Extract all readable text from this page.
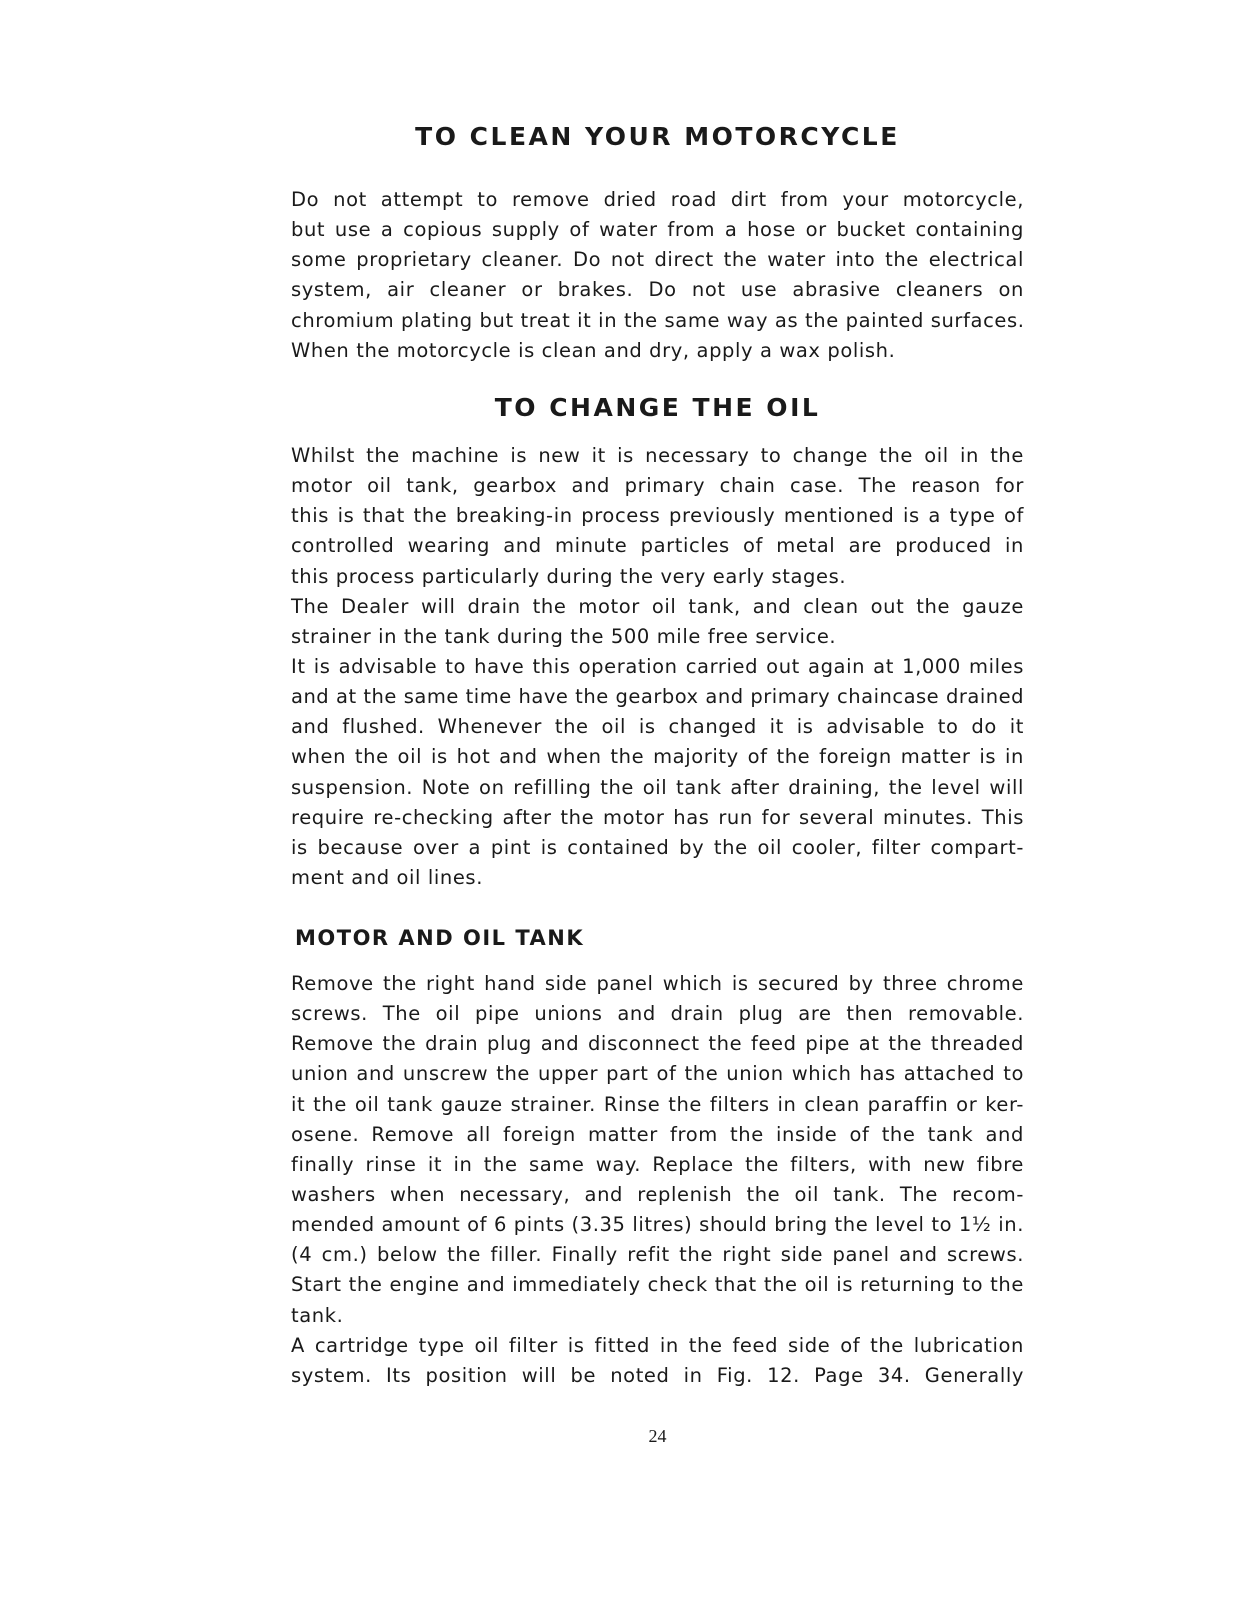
TO CLEAN YOUR MOTORCYCLE
Do not attempt to remove dried road dirt from your motorcycle,
but use a copious supply of water from a hose or bucket containing
some proprietary cleaner. Do not direct the water into the electrical
system, air cleaner or brakes. Do not use abrasive cleaners on
chromium plating but treat it in the same way as the painted surfaces.
When the motorcycle is clean and dry, apply a wax polish.
TO CHANGE THE OIL
Whilst the machine is new it is necessary to change the oil in the
motor oil tank, gearbox and primary chain case. The reason for
this is that the breaking-in process previously mentioned is a type of
controlled wearing and minute particles of metal are produced in
this process particularly during the very early stages.
The Dealer will drain the motor oil tank, and clean out the gauze
strainer in the tank during the 500 mile free service.
It is advisable to have this operation carried out again at 1,000 miles
and at the same time have the gearbox and primary chaincase drained
and flushed. Whenever the oil is changed it is advisable to do it
when the oil is hot and when the majority of the foreign matter is in
suspension. Note on refilling the oil tank after draining, the level will
require re-checking after the motor has run for several minutes. This
is because over a pint is contained by the oil cooler, filter compart-
ment and oil lines.
MOTOR AND OIL TANK
Remove the right hand side panel which is secured by three chrome
screws. The oil pipe unions and drain plug are then removable.
Remove the drain plug and disconnect the feed pipe at the threaded
union and unscrew the upper part of the union which has attached to
it the oil tank gauze strainer. Rinse the filters in clean paraffin or ker-
osene. Remove all foreign matter from the inside of the tank and
finally rinse it in the same way. Replace the filters, with new fibre
washers when necessary, and replenish the oil tank. The recom-
mended amount of 6 pints (3.35 litres) should bring the level to 1½ in.
(4 cm.) below the filler. Finally refit the right side panel and screws.
Start the engine and immediately check that the oil is returning to the
tank.
A cartridge type oil filter is fitted in the feed side of the lubrication
system. Its position will be noted in Fig. 12. Page 34. Generally
24
